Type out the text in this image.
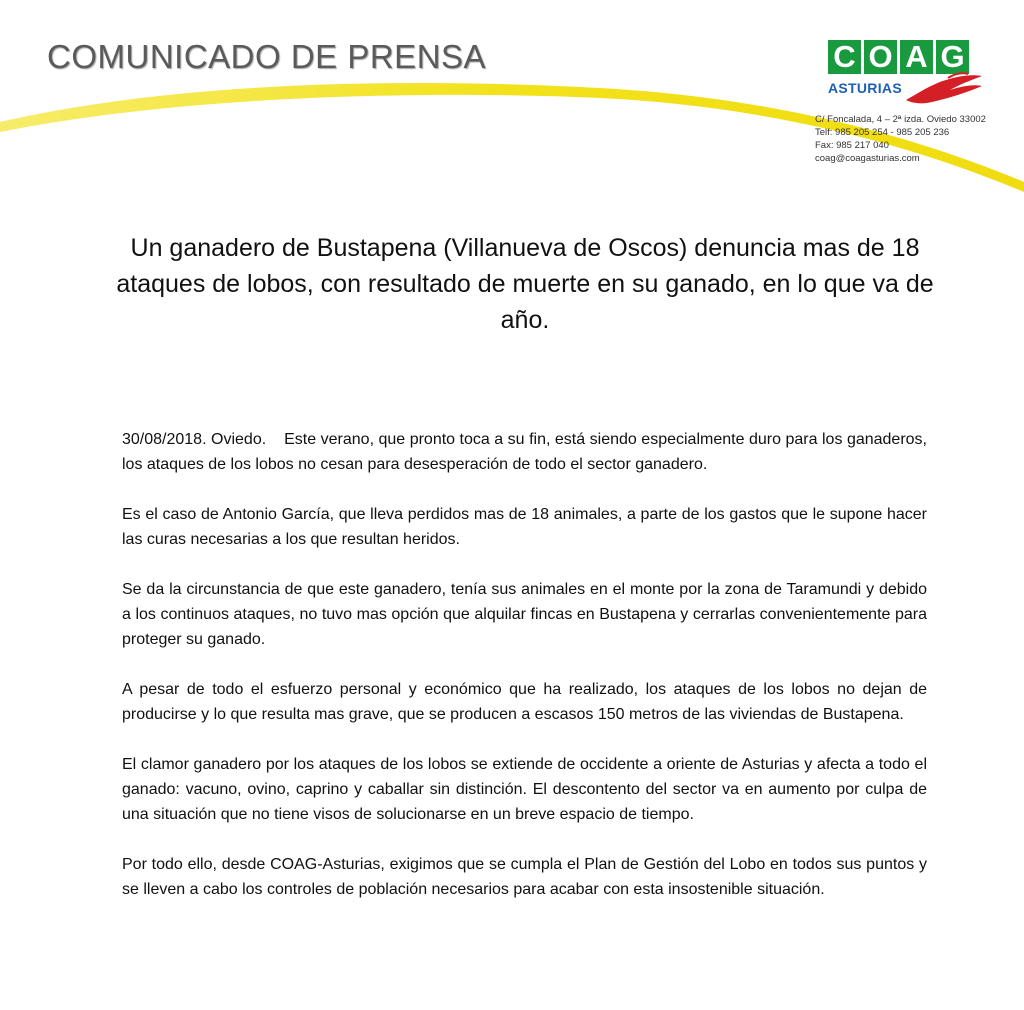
COMUNICADO DE PRENSA	C O A G
ASTURIAS
C/ Foncalada, 4 – 2ª izda. Oviedo 33002
Telf: 985 205 254 - 985 205 236
Fax: 985 217 040
coag@coagasturias.com
Un ganadero de Bustapena (Villanueva de Oscos) denuncia mas de 18 ataques de lobos, con resultado de muerte en su ganado, en lo que va de año.

30/08/2018. Oviedo.    Este verano, que pronto toca a su fin, está siendo especialmente duro para los ganaderos, los ataques de los lobos no cesan para desesperación de todo el sector ganadero.

Es el caso de Antonio García, que lleva perdidos mas de 18 animales, a parte de los gastos que le supone hacer las curas necesarias a los que resultan heridos.

Se da la circunstancia de que este ganadero, tenía sus animales en el monte por la zona de Taramundi y debido a los continuos ataques, no tuvo mas opción que alquilar fincas en Bustapena y cerrarlas convenientemente para proteger su ganado.

A pesar de todo el esfuerzo personal y económico que ha realizado, los ataques de los lobos no dejan de producirse y lo que resulta mas grave, que se producen a escasos 150 metros de las viviendas de Bustapena.

El clamor ganadero por los ataques de los lobos se extiende de occidente a oriente de Asturias y afecta a todo el ganado: vacuno, ovino, caprino y caballar sin distinción. El descontento del sector va en aumento por culpa de una situación que no tiene visos de solucionarse en un breve espacio de tiempo.

Por todo ello, desde COAG-Asturias, exigimos que se cumpla el Plan de Gestión del Lobo en todos sus puntos y se lleven a cabo los controles de población necesarios para acabar con esta insostenible situación.
